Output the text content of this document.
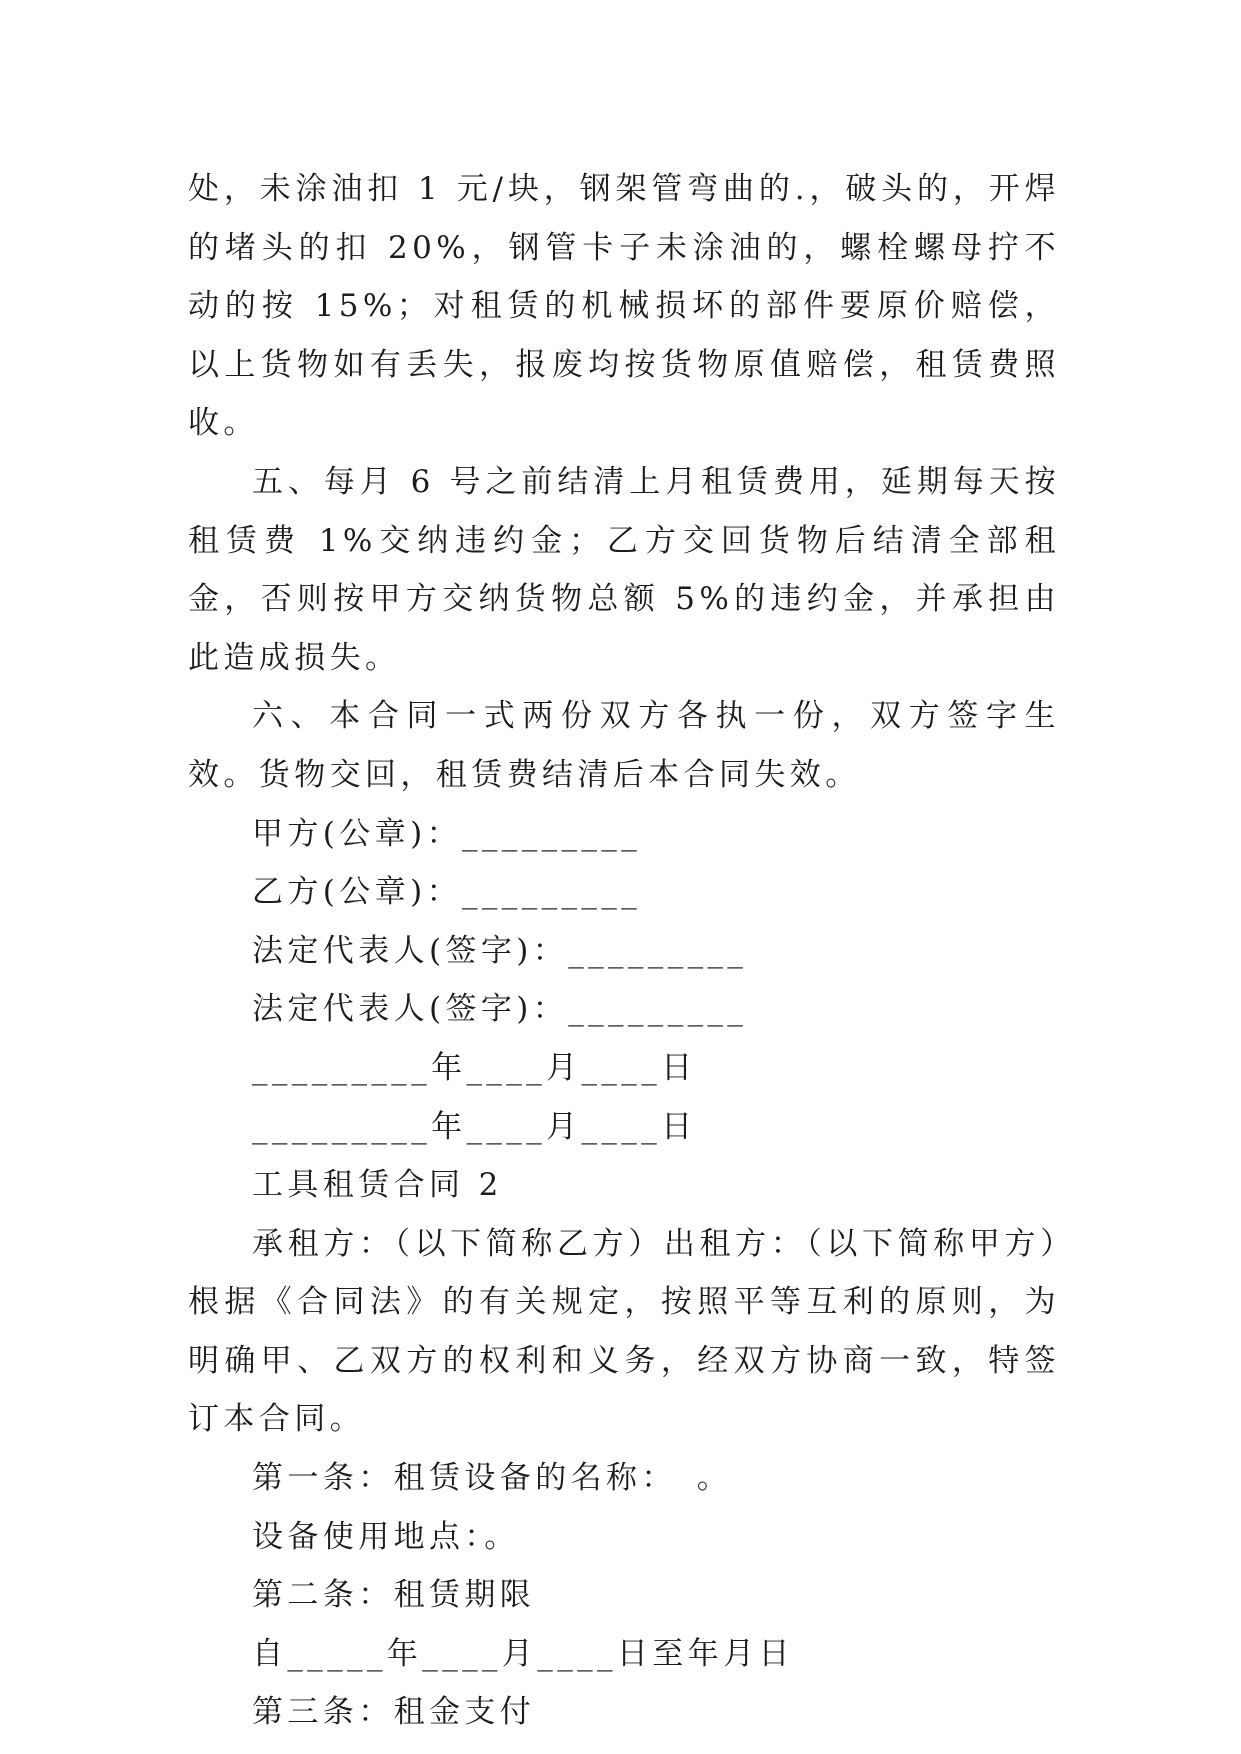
处，未涂油扣 1 元/块，钢架管弯曲的.，破头的，开焊的堵头的扣 20%，钢管卡子未涂油的，螺栓螺母拧不动的按 15%；对租赁的机械损坏的部件要原价赔偿，以上货物如有丢失，报废均按货物原值赔偿，租赁费照收。

五、每月 6 号之前结清上月租赁费用，延期每天按租赁费 1%交纳违约金；乙方交回货物后结清全部租金，否则按甲方交纳货物总额 5%的违约金，并承担由此造成损失。

六、本合同一式两份双方各执一份，双方签字生效。货物交回，租赁费结清后本合同失效。

甲方(公章)：_________
乙方(公章)：_________
法定代表人(签字)：_________
法定代表人(签字)：_________
_________年____月____日
_________年____月____日
工具租赁合同 2

承租方：（以下简称乙方）出租方：（以下简称甲方）根据《合同法》的有关规定，按照平等互利的原则，为明确甲、乙双方的权利和义务，经双方协商一致，特签订本合同。

第一条：租赁设备的名称：　。
设备使用地点：。
第二条：租赁期限
自_____年____月____日至年月日
第三条：租金支付
